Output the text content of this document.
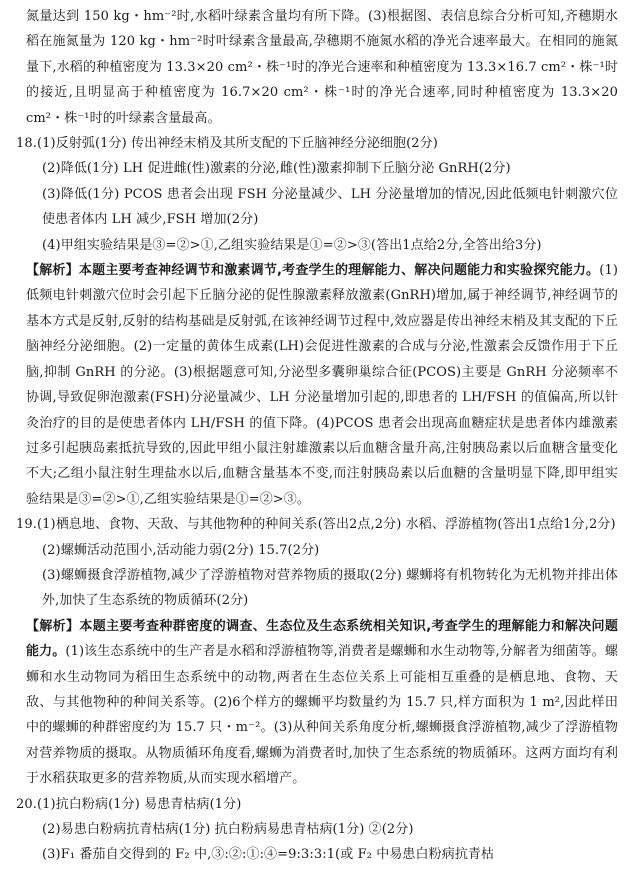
氮量达到 150 kg・hm⁻²时,水稻叶绿素含量均有所下降。(3)根据图、表信息综合分析可知,齐穗期水稻在施氮量为 120 kg・hm⁻²时叶绿素含量最高,孕穗期不施氮水稻的净光合速率最大。在相同的施氮量下,水稻的种植密度为 13.3×20 cm²・株⁻¹时的净光合速率和种植密度为 13.3×16.7 cm²・株⁻¹时的接近,且明显高于种植密度为 16.7×20 cm²・株⁻¹时的净光合速率,同时种植密度为 13.3×20 cm²・株⁻¹时的叶绿素含量最高。

18.(1)反射弧(1分) 传出神经末梢及其所支配的下丘脑神经分泌细胞(2分)

(2)降低(1分) LH 促进雌(性)激素的分泌,雌(性)激素抑制下丘脑分泌 GnRH(2分)

(3)降低(1分) PCOS 患者会出现 FSH 分泌量减少、LH 分泌量增加的情况,因此低频电针刺激穴位使患者体内 LH 减少,FSH 增加(2分)

(4)甲组实验结果是③=②>①,乙组实验结果是①=②>③(答出1点给2分,全答出给3分)

【解析】本题主要考查神经调节和激素调节,考查学生的理解能力、解决问题能力和实验探究能力。(1)低频电针刺激穴位时会引起下丘脑分泌的促性腺激素释放激素(GnRH)增加,属于神经调节,神经调节的基本方式是反射,反射的结构基础是反射弧,在该神经调节过程中,效应器是传出神经末梢及其支配的下丘脑神经分泌细胞。(2)一定量的黄体生成素(LH)会促进性激素的合成与分泌,性激素会反馈作用于下丘脑,抑制 GnRH 的分泌。(3)根据题意可知,分泌型多囊卵巢综合征(PCOS)主要是 GnRH 分泌频率不协调,导致促卵泡激素(FSH)分泌量减少、LH 分泌量增加引起的,即患者的 LH/FSH 的值偏高,所以针灸治疗的目的是使患者体内 LH/FSH 的值下降。(4)PCOS 患者会出现高血糖症状是患者体内雄激素过多引起胰岛素抵抗导致的,因此甲组小鼠注射雄激素以后血糖含量升高,注射胰岛素以后血糖含量变化不大;乙组小鼠注射生理盐水以后,血糖含量基本不变,而注射胰岛素以后血糖的含量明显下降,即甲组实验结果是③=②>①,乙组实验结果是①=②>③。

19.(1)栖息地、食物、天敌、与其他物种的种间关系(答出2点,2分) 水稻、浮游植物(答出1点给1分,2分)

(2)螺蛳活动范围小,活动能力弱(2分) 15.7(2分)

(3)螺蛳摄食浮游植物,减少了浮游植物对营养物质的摄取(2分) 螺蛳将有机物转化为无机物并排出体外,加快了生态系统的物质循环(2分)

【解析】本题主要考查种群密度的调查、生态位及生态系统相关知识,考查学生的理解能力和解决问题能力。(1)该生态系统中的生产者是水稻和浮游植物等,消费者是螺蛳和水生动物等,分解者为细菌等。螺蛳和水生动物同为稻田生态系统中的动物,两者在生态位关系上可能相互重叠的是栖息地、食物、天敌、与其他物种的种间关系等。(2)6个样方的螺蛳平均数量约为 15.7 只,样方面积为 1 m²,因此样田中的螺蛳的种群密度约为 15.7 只・m⁻²。(3)从种间关系角度分析,螺蛳摄食浮游植物,减少了浮游植物对营养物质的摄取。从物质循环角度看,螺蛳为消费者时,加快了生态系统的物质循环。这两方面均有利于水稻获取更多的营养物质,从而实现水稻增产。

20.(1)抗白粉病(1分) 易患青枯病(1分)

(2)易患白粉病抗青枯病(1分) 抗白粉病易患青枯病(1分) ②(2分)

(3)F₁ 番茄自交得到的 F₂ 中,③:②:①:④=9:3:3:1(或 F₂ 中易患白粉病抗青枯
